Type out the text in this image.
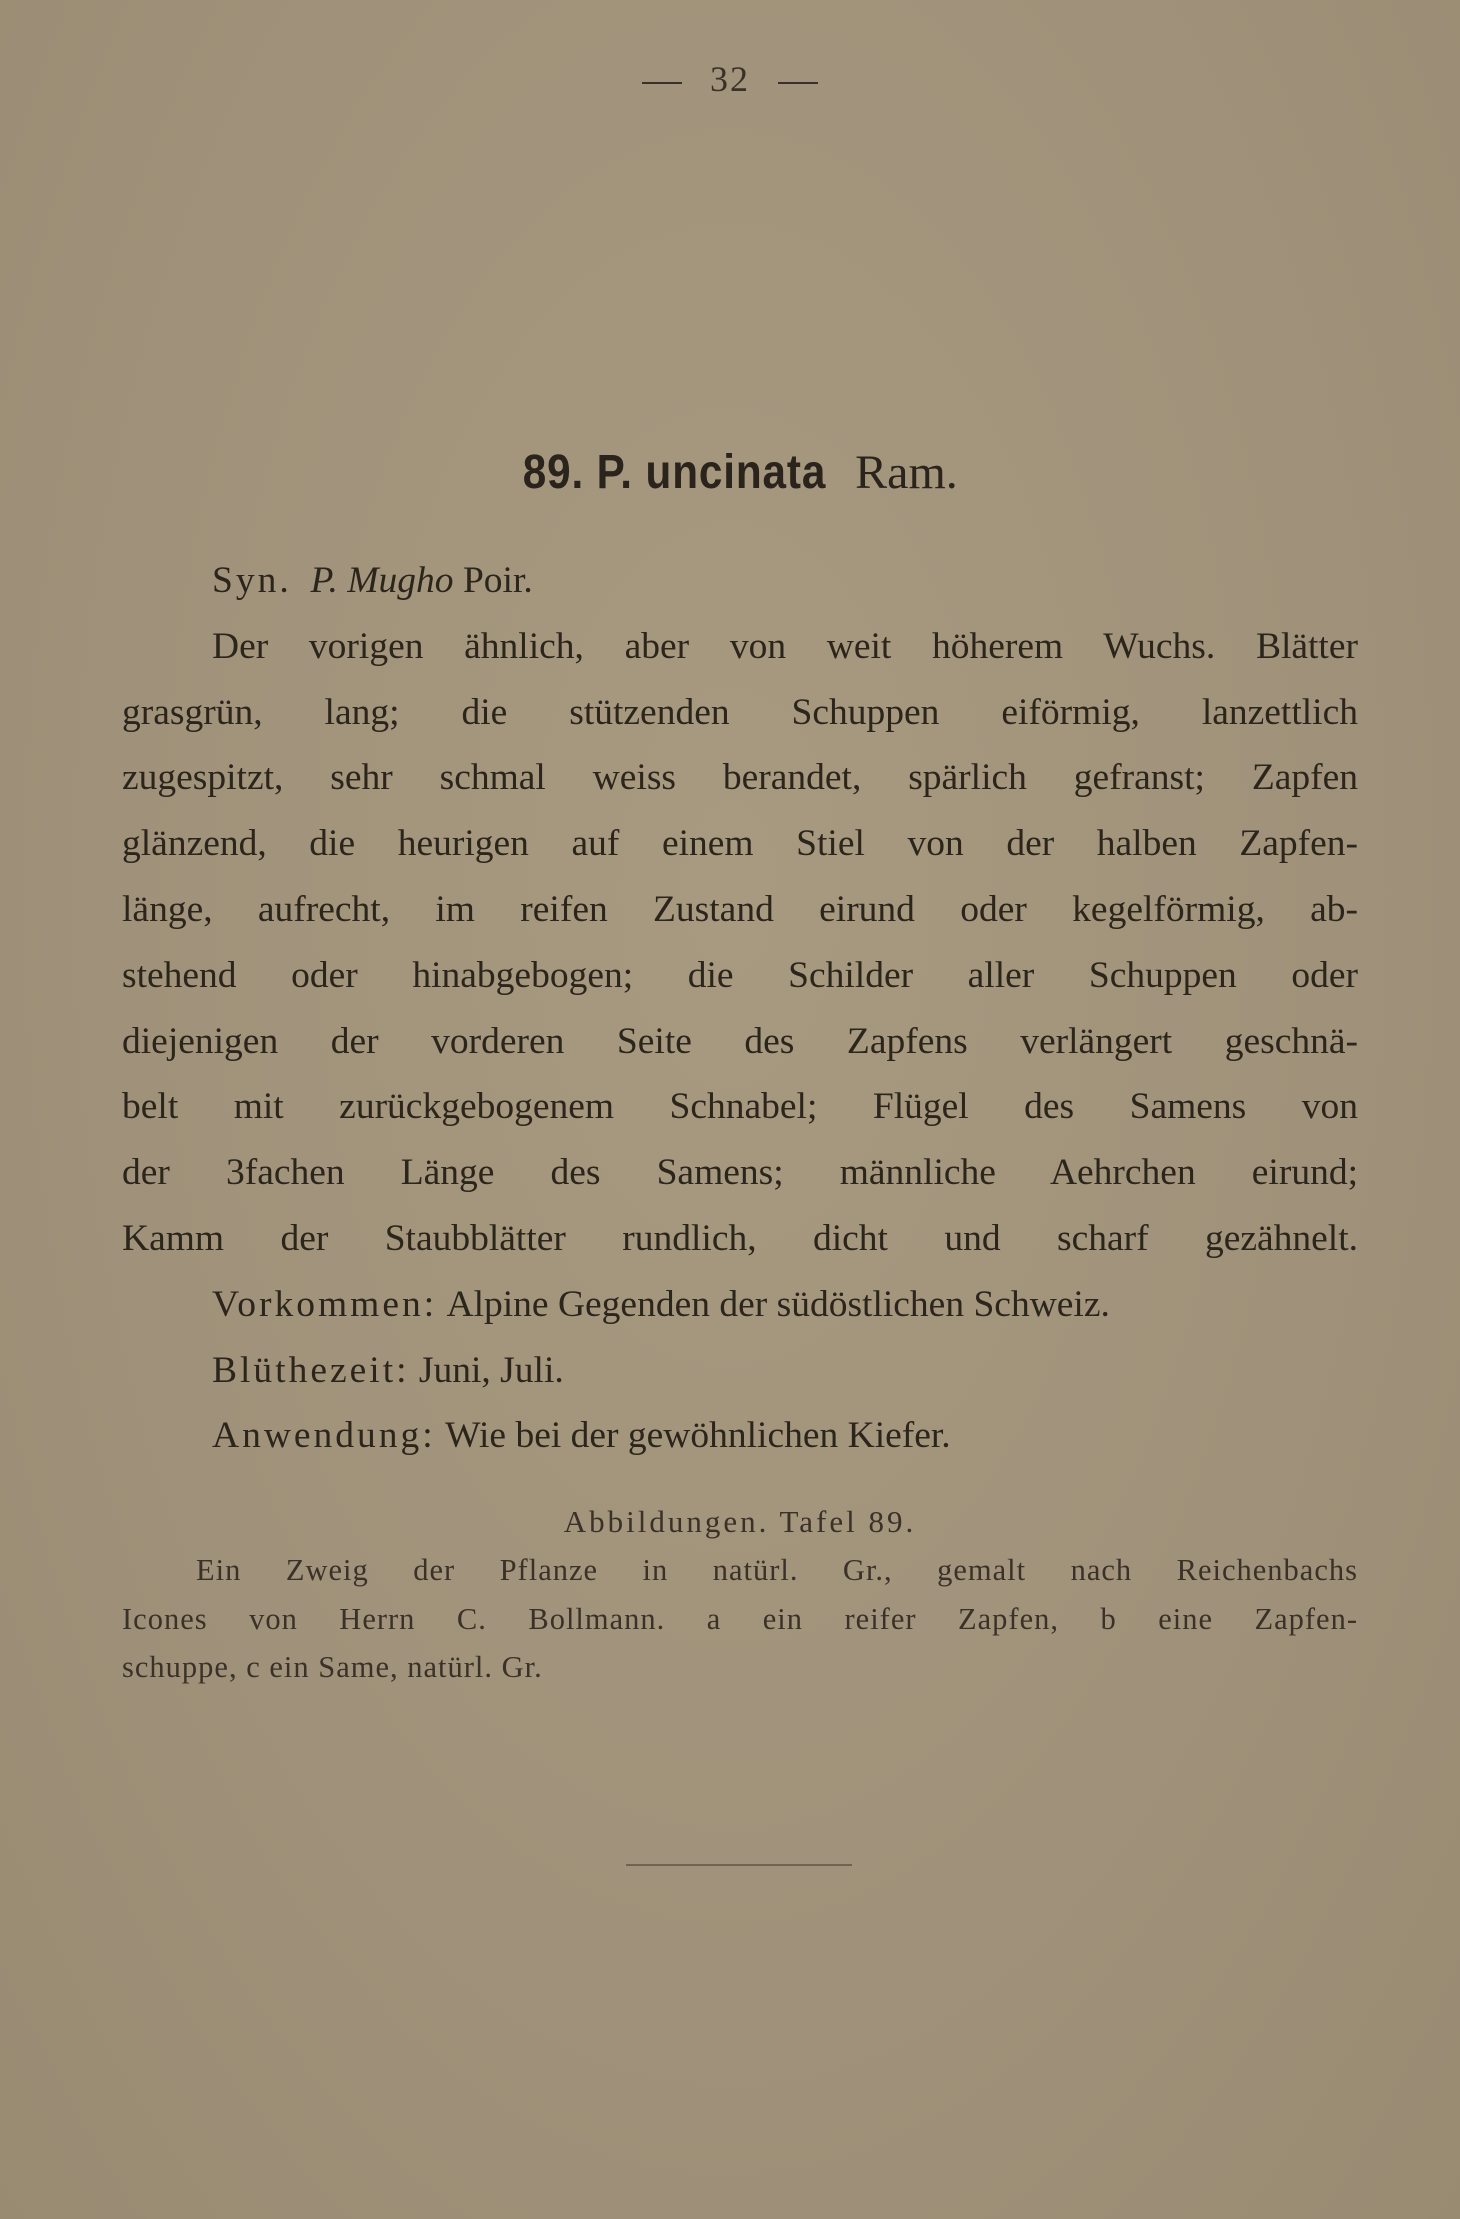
32
89. P. uncinata Ram.
Syn. P. Mugho Poir.
Der vorigen ähnlich, aber von weit höherem Wuchs. Blätter
grasgrün, lang; die stützenden Schuppen eiförmig, lanzettlich
zugespitzt, sehr schmal weiss berandet, spärlich gefranst; Zapfen
glänzend, die heurigen auf einem Stiel von der halben Zapfen-
länge, aufrecht, im reifen Zustand eirund oder kegelförmig, ab-
stehend oder hinabgebogen; die Schilder aller Schuppen oder
diejenigen der vorderen Seite des Zapfens verlängert geschnä-
belt mit zurückgebogenem Schnabel; Flügel des Samens von
der 3fachen Länge des Samens; männliche Aehrchen eirund;
Kamm der Staubblätter rundlich, dicht und scharf gezähnelt.
Vorkommen: Alpine Gegenden der südöstlichen Schweiz.
Blüthezeit: Juni, Juli.
Anwendung: Wie bei der gewöhnlichen Kiefer.
Abbildungen. Tafel 89.
Ein Zweig der Pflanze in natürl. Gr., gemalt nach Reichenbachs
Icones von Herrn C. Bollmann. a ein reifer Zapfen, b eine Zapfen-
schuppe, c ein Same, natürl. Gr.
